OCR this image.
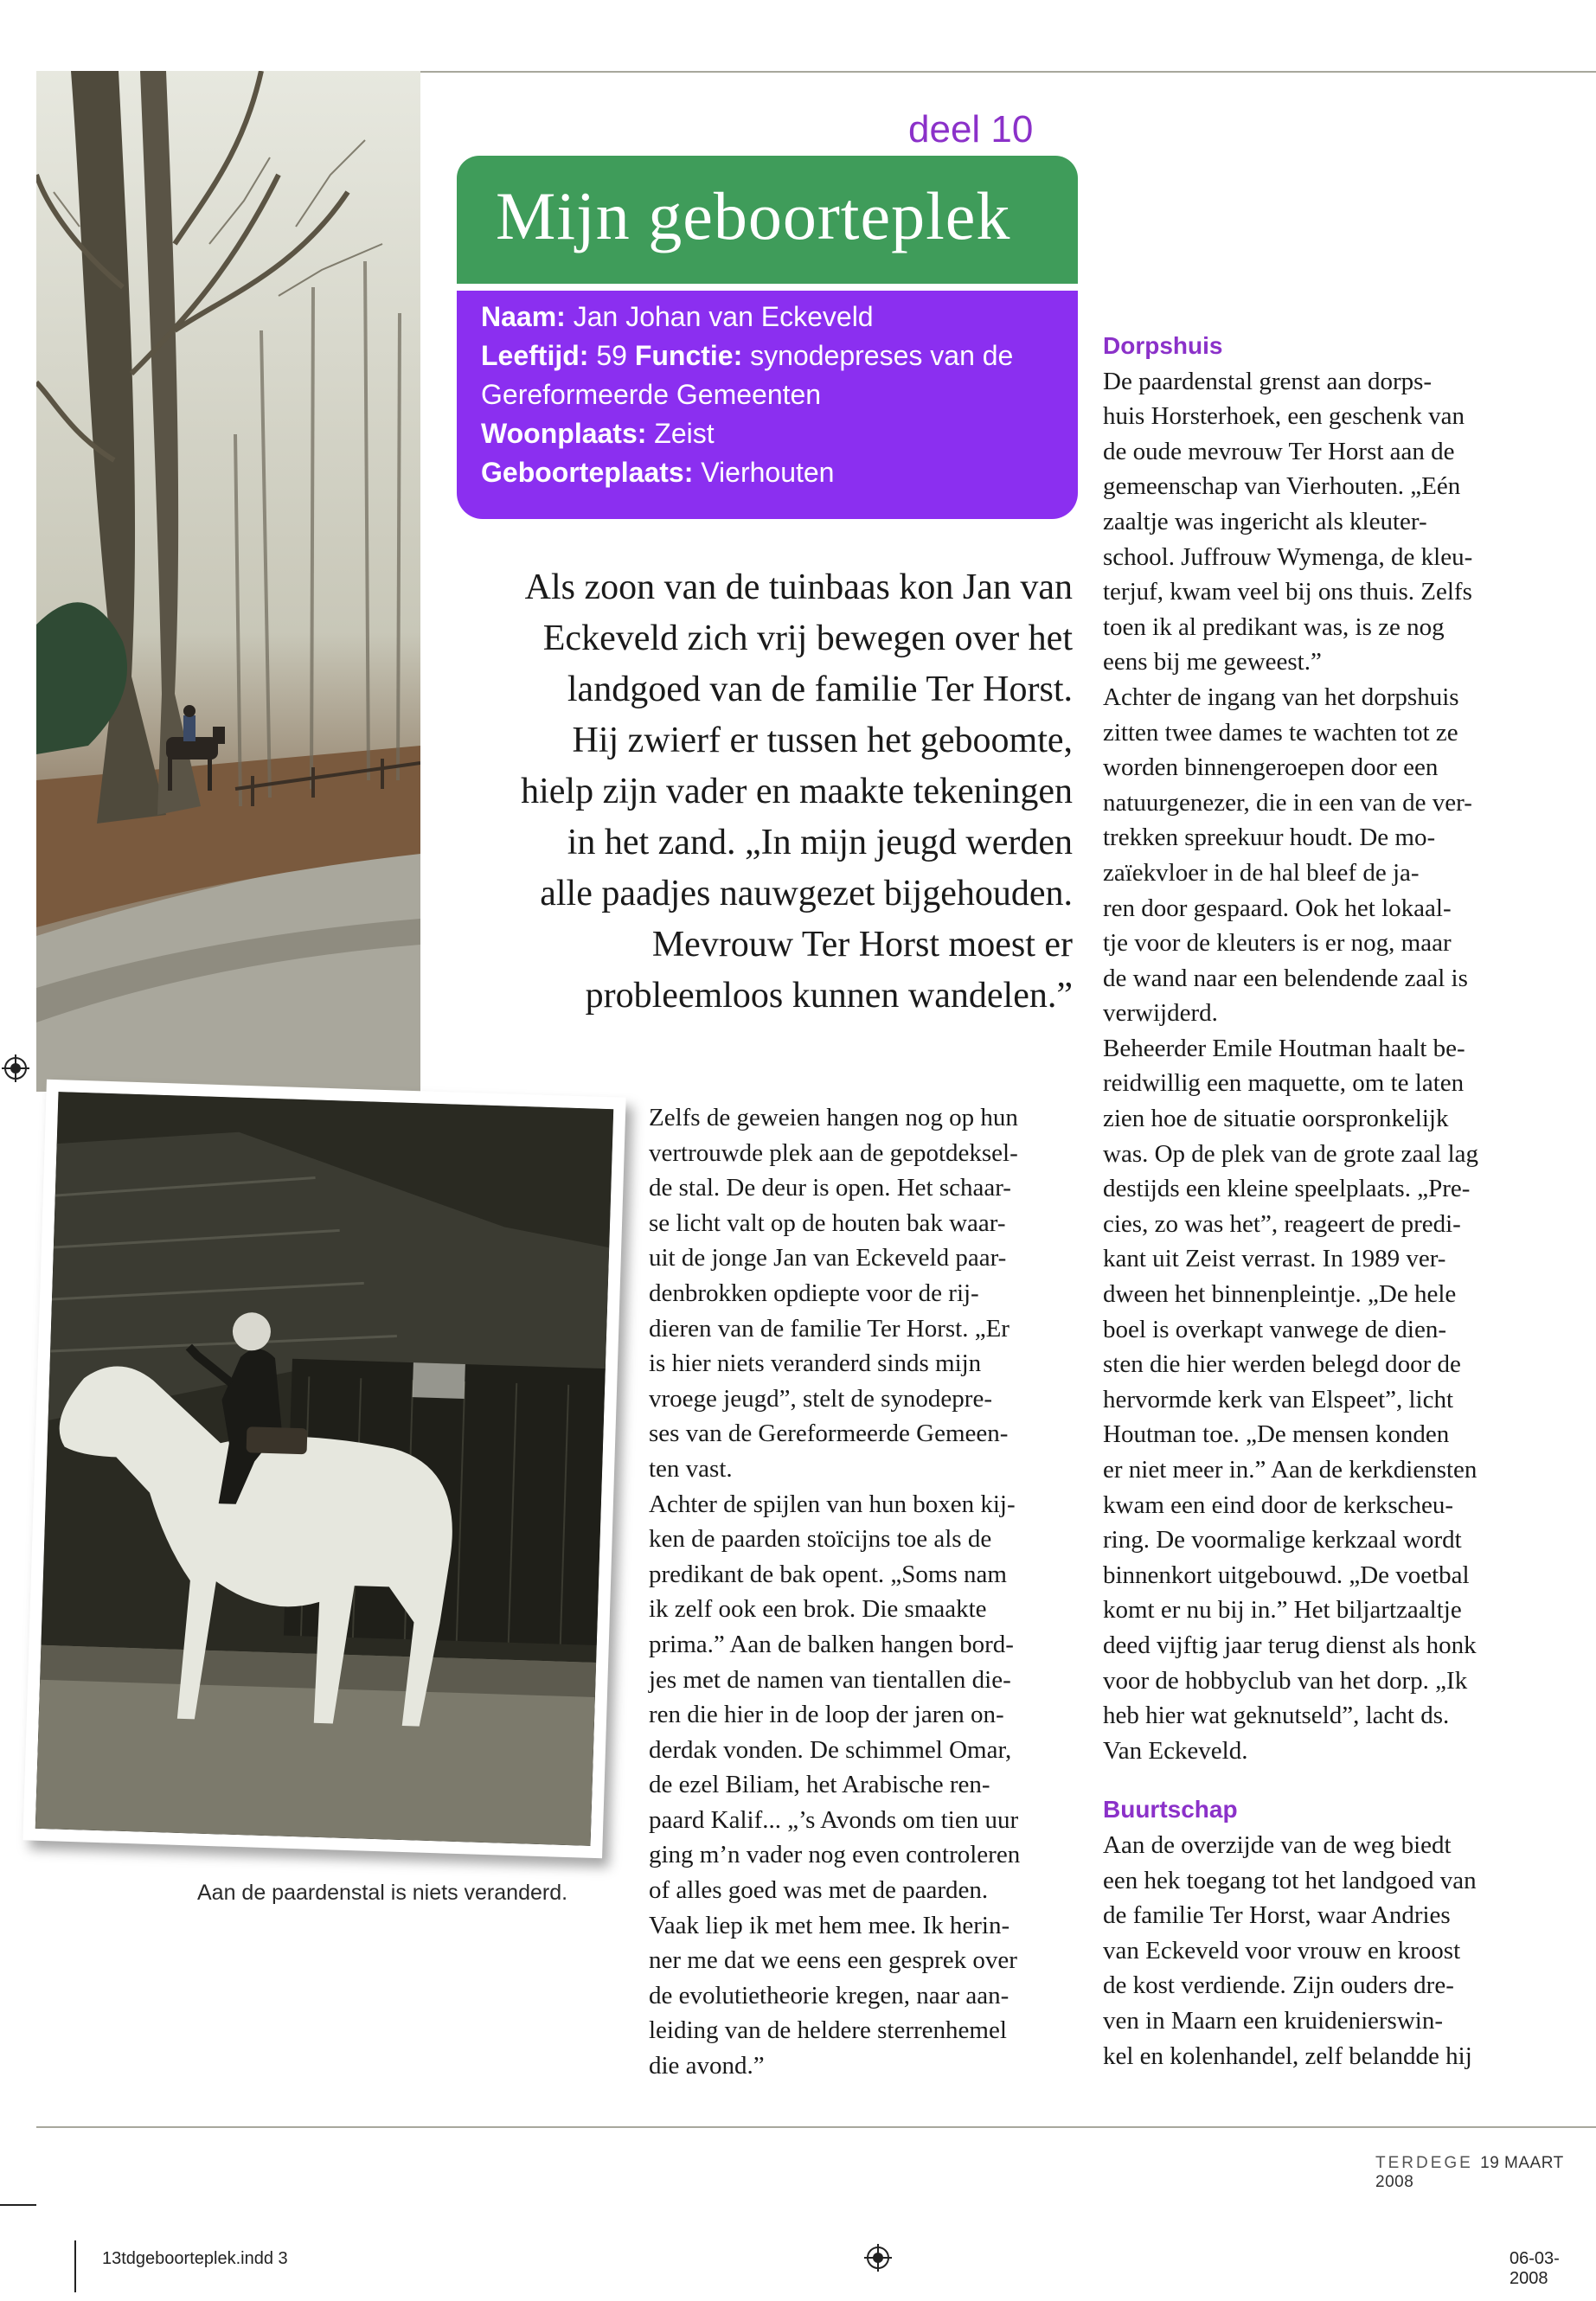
Aan de paardenstal is niets veranderd.
deel 10
Mijn geboorteplek
Naam: Jan Johan van Eckeveld
Leeftijd: 59 Functie: synodepreses van de
Gereformeerde Gemeenten
Woonplaats: Zeist
Geboorteplaats: Vierhouten
Als zoon van de tuinbaas kon Jan van
Eckeveld zich vrij bewegen over het
landgoed van de familie Ter Horst.
Hij zwierf er tussen het geboomte,
hielp zijn vader en maakte tekeningen
in het zand. „In mijn jeugd werden
alle paadjes nauwgezet bijgehouden.
Mevrouw Ter Horst moest er
probleemloos kunnen wandelen.”
Zelfs de geweien hangen nog op hun
vertrouwde plek aan de gepotdeksel-
de stal. De deur is open. Het schaar-
se licht valt op de houten bak waar-
uit de jonge Jan van Eckeveld paar-
denbrokken opdiepte voor de rij-
dieren van de familie Ter Horst. „Er
is hier niets veranderd sinds mijn
vroege jeugd”, stelt de synodepre-
ses van de Gereformeerde Gemeen-
ten vast.
Achter de spijlen van hun boxen kij-
ken de paarden stoïcijns toe als de
predikant de bak opent. „Soms nam
ik zelf ook een brok. Die smaakte
prima.” Aan de balken hangen bord-
jes met de namen van tientallen die-
ren die hier in de loop der jaren on-
derdak vonden. De schimmel Omar,
de ezel Biliam, het Arabische ren-
paard Kalif... „’s Avonds om tien uur
ging m’n vader nog even controleren
of alles goed was met de paarden.
Vaak liep ik met hem mee. Ik herin-
ner me dat we eens een gesprek over
de evolutietheorie kregen, naar aan-
leiding van de heldere sterrenhemel
die avond.”

Dorpshuis

De paardenstal grenst aan dorps-
huis Horsterhoek, een geschenk van
de oude mevrouw Ter Horst aan de
gemeenschap van Vierhouten. „Eén
zaaltje was ingericht als kleuter-
school. Juffrouw Wymenga, de kleu-
terjuf, kwam veel bij ons thuis. Zelfs
toen ik al predikant was, is ze nog
eens bij me geweest.”
Achter de ingang van het dorpshuis
zitten twee dames te wachten tot ze
worden binnengeroepen door een
natuurgenezer, die in een van de ver-
trekken spreekuur houdt. De mo-
zaïekvloer in de hal bleef de ja-
ren door gespaard. Ook het lokaal-
tje voor de kleuters is er nog, maar
de wand naar een belendende zaal is
verwijderd.
Beheerder Emile Houtman haalt be-
reidwillig een maquette, om te laten
zien hoe de situatie oorspronkelijk
was. Op de plek van de grote zaal lag
destijds een kleine speelplaats. „Pre-
cies, zo was het”, reageert de predi-
kant uit Zeist verrast. In 1989 ver-
dween het binnenpleintje. „De hele
boel is overkapt vanwege de dien-
sten die hier werden belegd door de
hervormde kerk van Elspeet”, licht
Houtman toe. „De mensen konden
er niet meer in.” Aan de kerkdiensten
kwam een eind door de kerkscheu-
ring. De voormalige kerkzaal wordt
binnenkort uitgebouwd. „De voetbal
komt er nu bij in.” Het biljartzaaltje
deed vijftig jaar terug dienst als honk
voor de hobbyclub van het dorp. „Ik
heb hier wat geknutseld”, lacht ds.
Van Eckeveld.

Buurtschap

Aan de overzijde van de weg biedt
een hek toegang tot het landgoed van
de familie Ter Horst, waar Andries
van Eckeveld voor vrouw en kroost
de kost verdiende. Zijn ouders dre-
ven in Maarn een kruidenierswin-
kel en kolenhandel, zelf belandde hij
TERDEGE 19 MAART 2008
13tdgeboorteplek.indd 3	06-03-2008
